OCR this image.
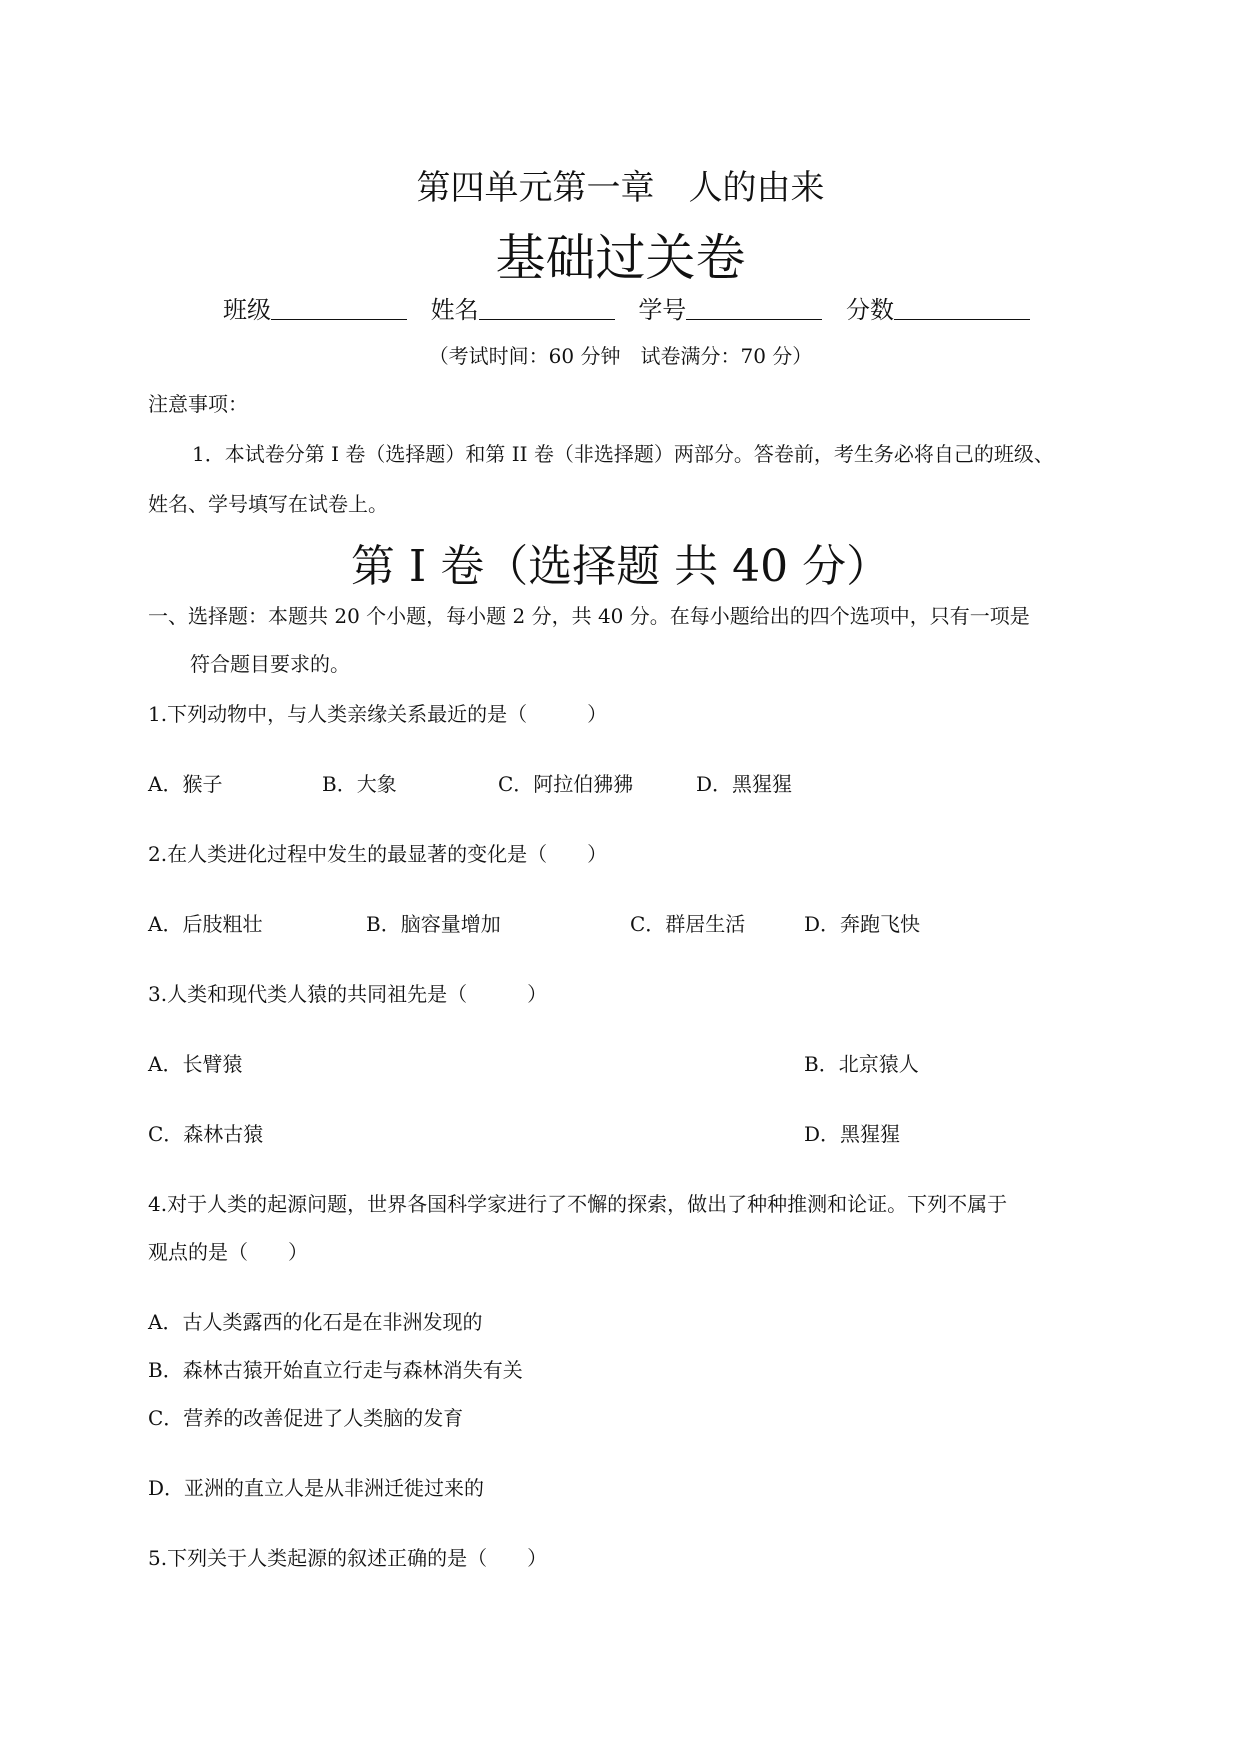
第四单元第一章　人的由来
基础过关卷
班级	姓名	学号	分数
（考试时间：60 分钟　试卷满分：70 分）
注意事项：
1．本试卷分第 I 卷（选择题）和第 II 卷（非选择题）两部分。答卷前，考生务必将自己的班级、
姓名、学号填写在试卷上。
第 I 卷（选择题 共 40 分）
一、选择题：本题共 20 个小题，每小题 2 分，共 40 分。在每小题给出的四个选项中，只有一项是
符合题目要求的。
1.下列动物中，与人类亲缘关系最近的是（　　　）
A．猴子	B．大象	C．阿拉伯狒狒	D．黑猩猩
2.在人类进化过程中发生的最显著的变化是（　　）
A．后肢粗壮	B．脑容量增加	C．群居生活	D．奔跑飞快
3.人类和现代类人猿的共同祖先是（　　　）
A．长臂猿	B．北京猿人
C．森林古猿	D．黑猩猩
4.对于人类的起源问题，世界各国科学家进行了不懈的探索，做出了种种推测和论证。下列不属于
观点的是（　　）
A．古人类露西的化石是在非洲发现的
B．森林古猿开始直立行走与森林消失有关
C．营养的改善促进了人类脑的发育
D．亚洲的直立人是从非洲迁徙过来的
5.下列关于人类起源的叙述正确的是（　　）
